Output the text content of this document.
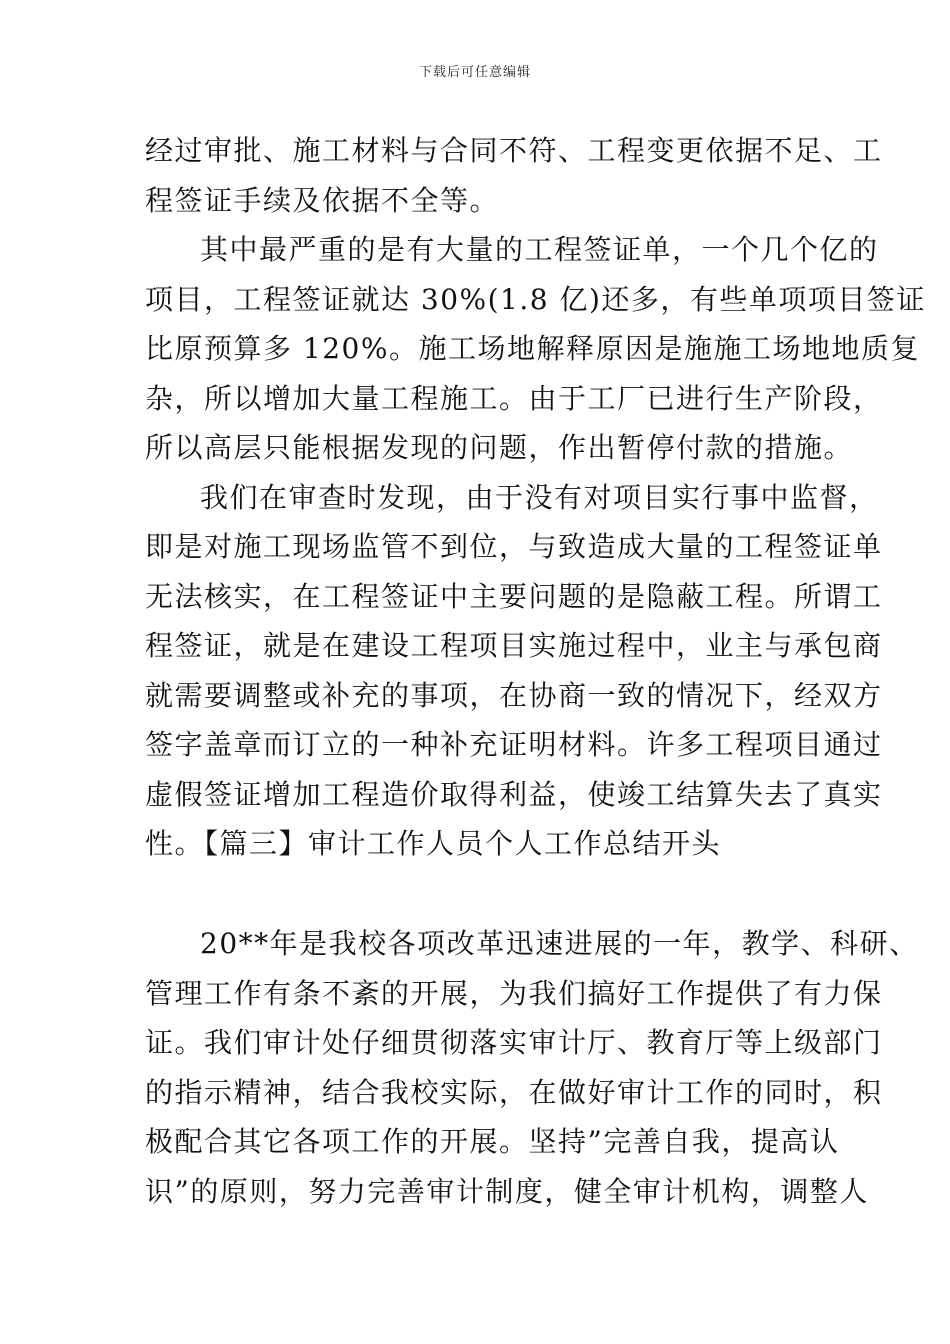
下载后可任意编辑
经过审批、施工材料与合同不符、工程变更依据不足、工
程签证手续及依据不全等。
其中最严重的是有大量的工程签证单，一个几个亿的
项目，工程签证就达 30%(1.8 亿)还多，有些单项项目签证
比原预算多 120%。施工场地解释原因是施施工场地地质复
杂，所以增加大量工程施工。由于工厂已进行生产阶段，
所以高层只能根据发现的问题，作出暂停付款的措施。
我们在审查时发现，由于没有对项目实行事中监督，
即是对施工现场监管不到位，与致造成大量的工程签证单
无法核实，在工程签证中主要问题的是隐蔽工程。所谓工
程签证，就是在建设工程项目实施过程中，业主与承包商
就需要调整或补充的事项，在协商一致的情况下，经双方
签字盖章而订立的一种补充证明材料。许多工程项目通过
虚假签证增加工程造价取得利益，使竣工结算失去了真实
性。【篇三】审计工作人员个人工作总结开头
20**年是我校各项改革迅速进展的一年，教学、科研、
管理工作有条不紊的开展，为我们搞好工作提供了有力保
证。我们审计处仔细贯彻落实审计厅、教育厅等上级部门
的指示精神，结合我校实际，在做好审计工作的同时，积
极配合其它各项工作的开展。坚持”完善自我，提高认
识”的原则，努力完善审计制度，健全审计机构，调整人
